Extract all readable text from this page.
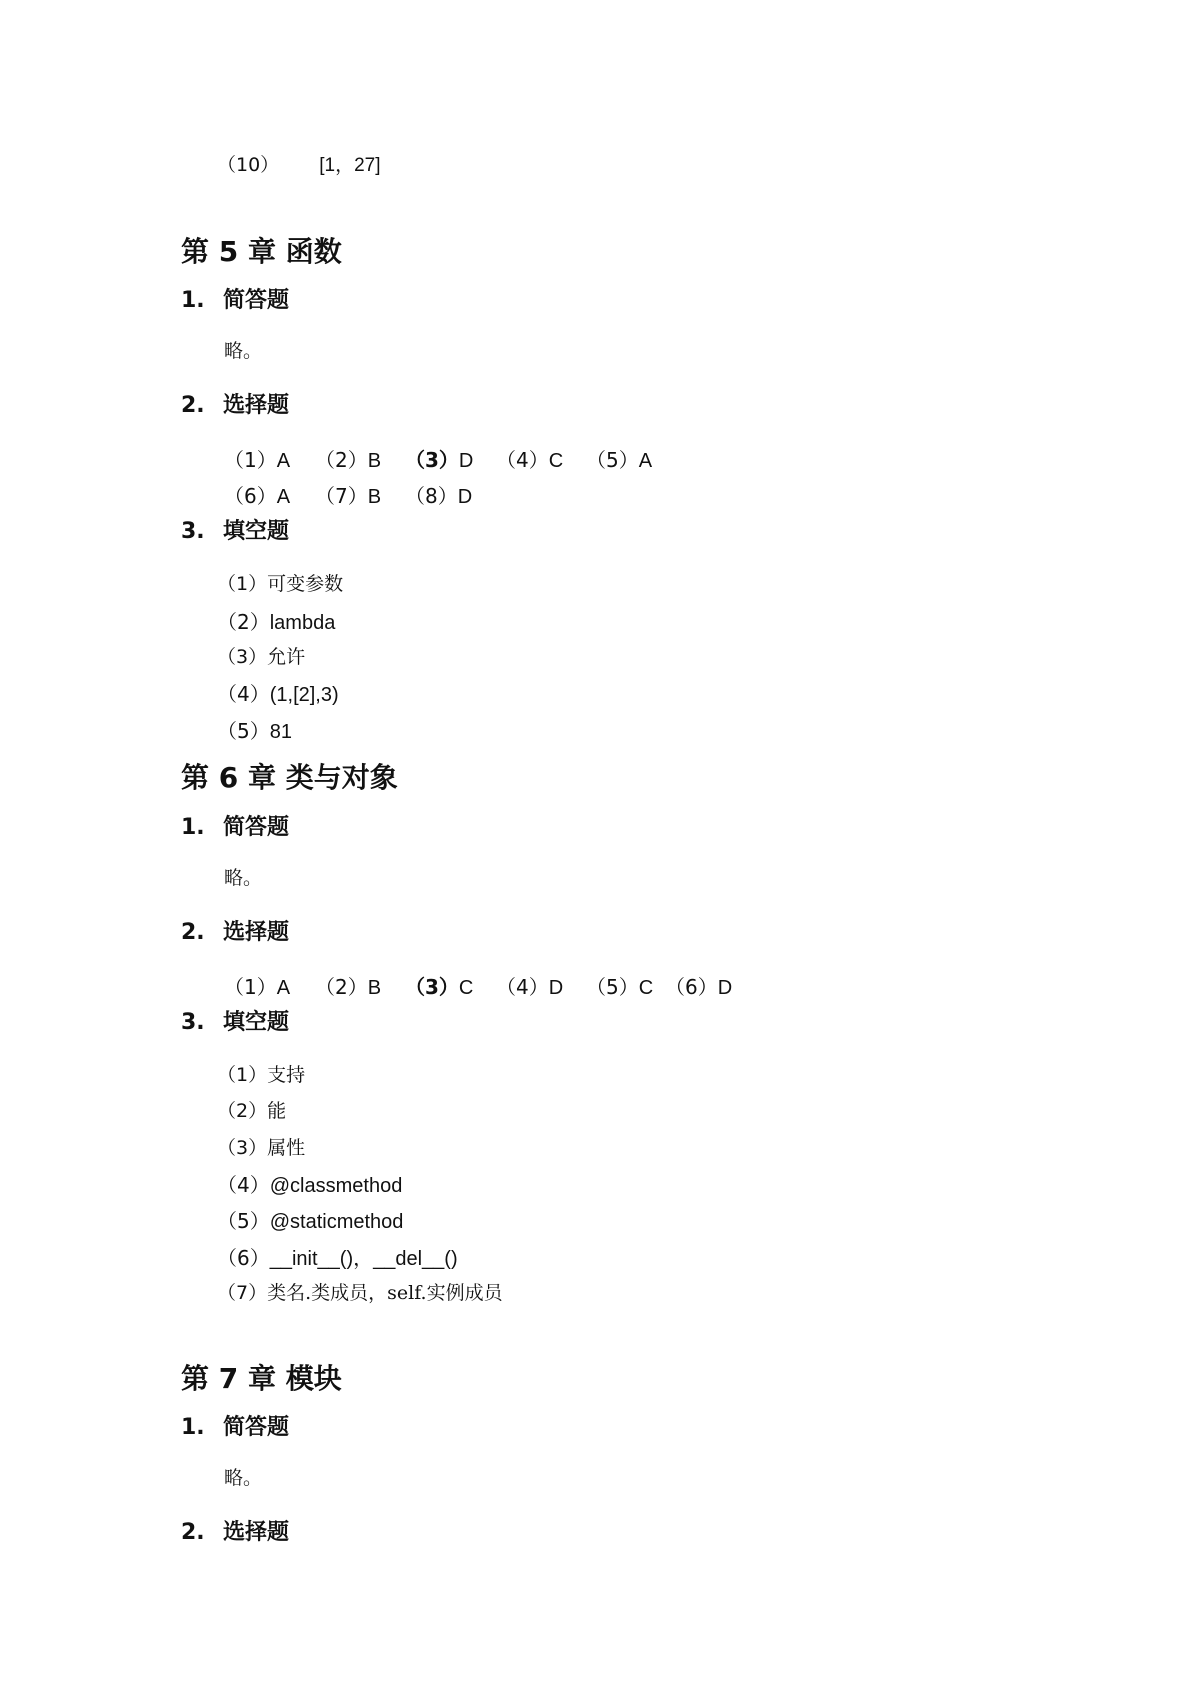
（10） [1，27]
第 5 章 函数
1. 简答题
略。
2. 选择题
（1）A （2）B （3）D （4）C （5）A
（6）A （7）B （8）D
3. 填空题
（1）可变参数
（2）lambda
（3）允许
（4）(1,[2],3)
（5）81
第 6 章 类与对象
1. 简答题
略。
2. 选择题
（1）A （2）B （3）C （4）D （5）C （6）D
3. 填空题
（1）支持
（2）能
（3）属性
（4）@classmethod
（5）@staticmethod
（6）__init__()，__del__()
（7）类名.类成员，self.实例成员
第 7 章 模块
1. 简答题
略。
2. 选择题
